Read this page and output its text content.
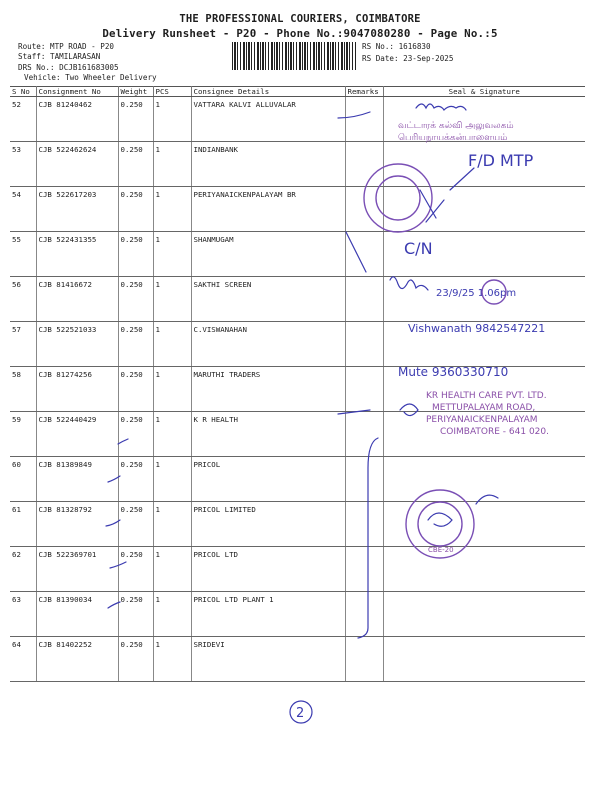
THE PROFESSIONAL COURIERS, COIMBATORE
Delivery Runsheet - P20 - Phone No.:9047080280 - Page No.:5
Route: MTP ROAD - P20
Staff: TAMILARASAN
DRS No.: DCJB161683005
Vehicle: Two Wheeler Delivery
RS No.: 1616830
RS Date: 23-Sep-2025
S No	Consignment No	Weight	PCS	Consignee Details	Remarks	Seal & Signature
52	CJB 81240462	0.250	1	VATTARA KALVI ALLUVALAR		
53	CJB 522462624	0.250	1	INDIANBANK		
54	CJB 522617203	0.250	1	PERIYANAICKENPALAYAM BR		
55	CJB 522431355	0.250	1	SHANMUGAM		
56	CJB 81416672	0.250	1	SAKTHI SCREEN		
57	CJB 522521033	0.250	1	C.VISWANAHAN		
58	CJB 81274256	0.250	1	MARUTHI TRADERS		
59	CJB 522440429	0.250	1	K R HEALTH		
60	CJB 81389849	0.250	1	PRICOL		
61	CJB 81328792	0.250	1	PRICOL LIMITED		
62	CJB 522369701	0.250	1	PRICOL LTD		
63	CJB 81390034	0.250	1	PRICOL LTD PLANT 1		
64	CJB 81402252	0.250	1	SRIDEVI		
வட்டாரக் கல்வி அலுவலகம்
பெரியநாயக்கன்பாளையம்
F/D MTP
C/N
23/9/25 1.06pm
Vishwanath 9842547221
Mute 9360330710
KR HEALTH CARE PVT. LTD.
METTUPALAYAM ROAD,
PERIYANAICKENPALAYAM
COIMBATORE - 641 020.
CBE-20
2
